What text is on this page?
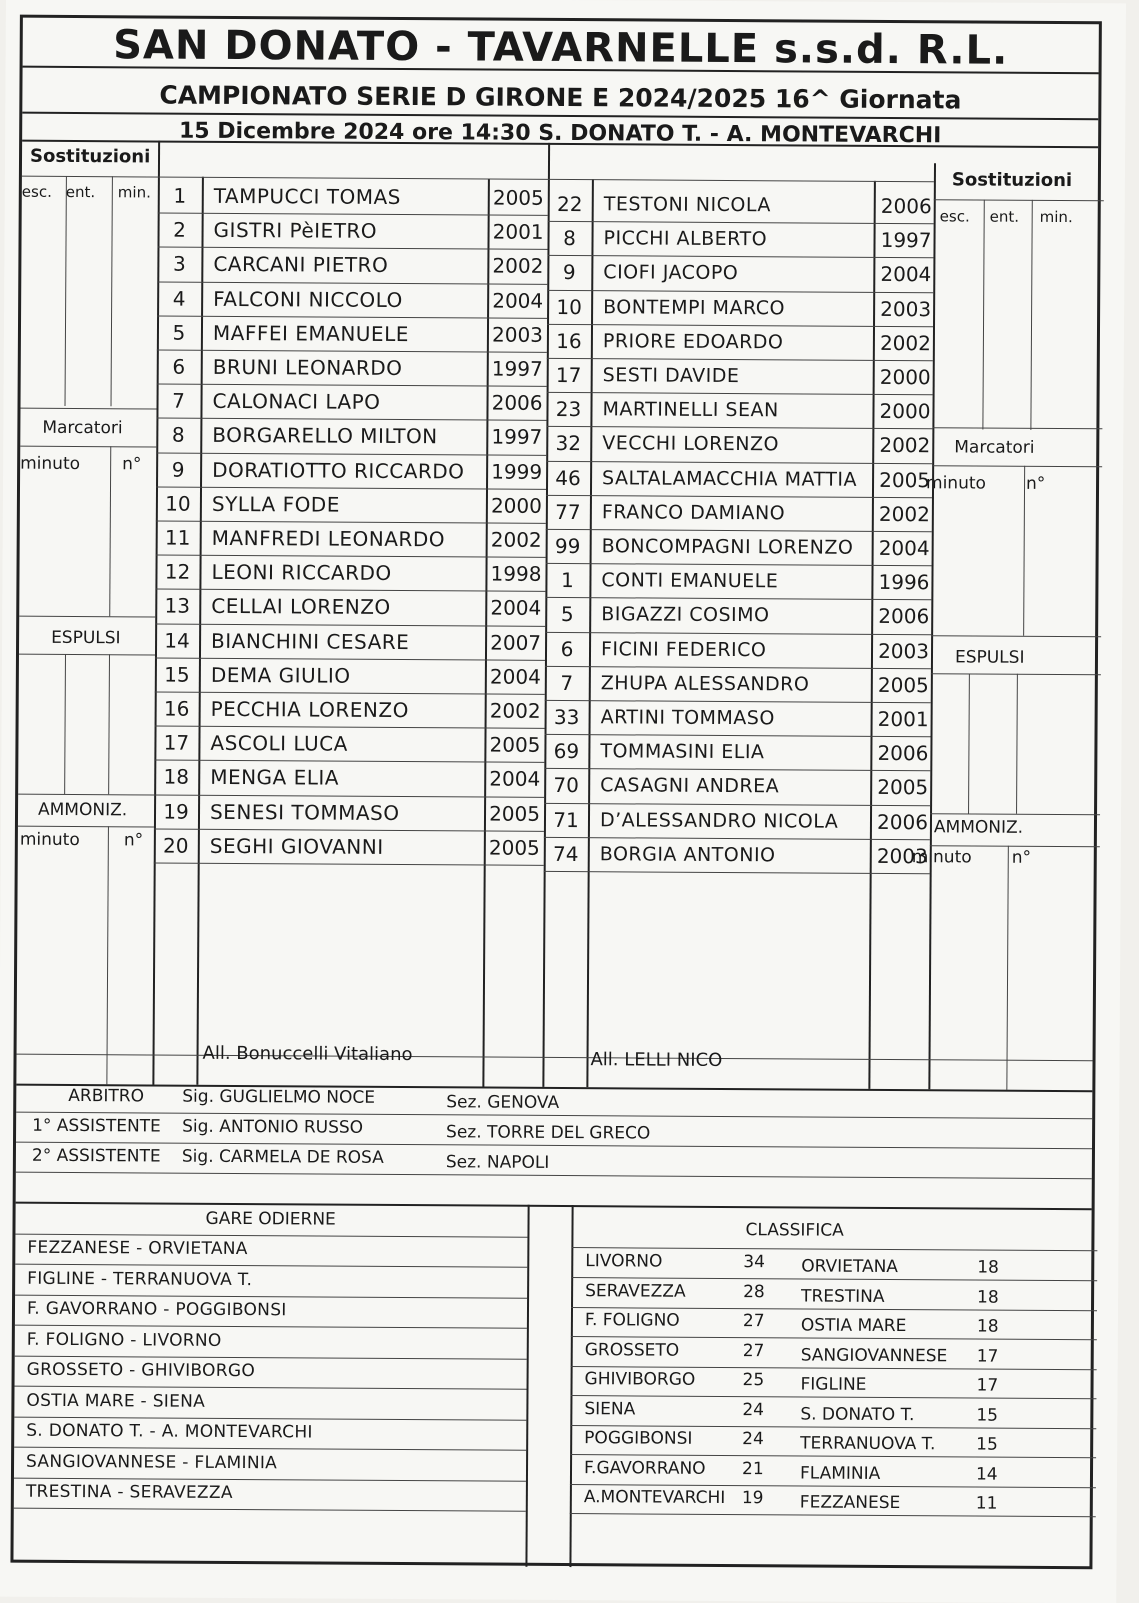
SAN DONATO - TAVARNELLE s.s.d. R.L.
CAMPIONATO SERIE D GIRONE E 2024/2025 16^ Giornata
15 Dicembre 2024 ore 14:30 S. DONATO T. - A. MONTEVARCHI
Sostituzioni
esc. ent. min.
Marcatori
minuto n°
ESPULSI
AMMONIZ.
minuto	n°
Sostituzioni
esc. ent. min.
Marcatori
minuto n°
ESPULSI
AMMONIZ.
minuto n°
1	TAMPUCCI TOMAS	2005
2	GISTRI PèIETRO	2001
3	CARCANI PIETRO	2002
4	FALCONI NICCOLO	2004
5	MAFFEI EMANUELE	2003
6	BRUNI LEONARDO	1997
7	CALONACI LAPO	2006
8	BORGARELLO MILTON	1997
9	DORATIOTTO RICCARDO	1999
10	SYLLA FODE	2000
11	MANFREDI LEONARDO	2002
12	LEONI RICCARDO	1998
13	CELLAI LORENZO	2004
14	BIANCHINI CESARE	2007
15	DEMA GIULIO	2004
16	PECCHIA LORENZO	2002
17	ASCOLI LUCA	2005
18	MENGA ELIA	2004
19	SENESI TOMMASO	2005
20	SEGHI GIOVANNI	2005
22	TESTONI NICOLA	2006
8	PICCHI ALBERTO	1997
9	CIOFI JACOPO	2004
10	BONTEMPI MARCO	2003
16	PRIORE EDOARDO	2002
17	SESTI DAVIDE	2000
23	MARTINELLI SEAN	2000
32	VECCHI LORENZO	2002
46	SALTALAMACCHIA MATTIA	2005
77	FRANCO DAMIANO	2002
99	BONCOMPAGNI LORENZO	2004
1	CONTI EMANUELE	1996
5	BIGAZZI COSIMO	2006
6	FICINI FEDERICO	2003
7	ZHUPA ALESSANDRO	2005
33	ARTINI TOMMASO	2001
69	TOMMASINI ELIA	2006
70	CASAGNI ANDREA	2005
71	D’ALESSANDRO NICOLA	2006
74	BORGIA ANTONIO	2003
All. Bonuccelli Vitaliano	All. LELLI NICO
ARBITRO Sig. GUGLIELMO NOCE	Sez. GENOVA
1° ASSISTENTE Sig. ANTONIO RUSSO	Sez. TORRE DEL GRECO
2° ASSISTENTE Sig. CARMELA DE ROSA	Sez. NAPOLI
GARE ODIERNE
CLASSIFICA
FEZZANESE - ORVIETANA
FIGLINE - TERRANUOVA T.
F. GAVORRANO - POGGIBONSI
F. FOLIGNO - LIVORNO
GROSSETO - GHIVIBORGO
OSTIA MARE - SIENA
S. DONATO T. - A. MONTEVARCHI
SANGIOVANNESE - FLAMINIA
TRESTINA - SERAVEZZA
LIVORNO	34
SERAVEZZA	28
F. FOLIGNO	27
GROSSETO	27
GHIVIBORGO	25
SIENA	24
POGGIBONSI	24
F.GAVORRANO 21
A.MONTEVARCHI 19
ORVIETANA	18
TRESTINA	18
OSTIA MARE	18
SANGIOVANNESE 17
FIGLINE	17
S. DONATO T.	15
TERRANUOVA T. 15
FLAMINIA	14
FEZZANESE	11
